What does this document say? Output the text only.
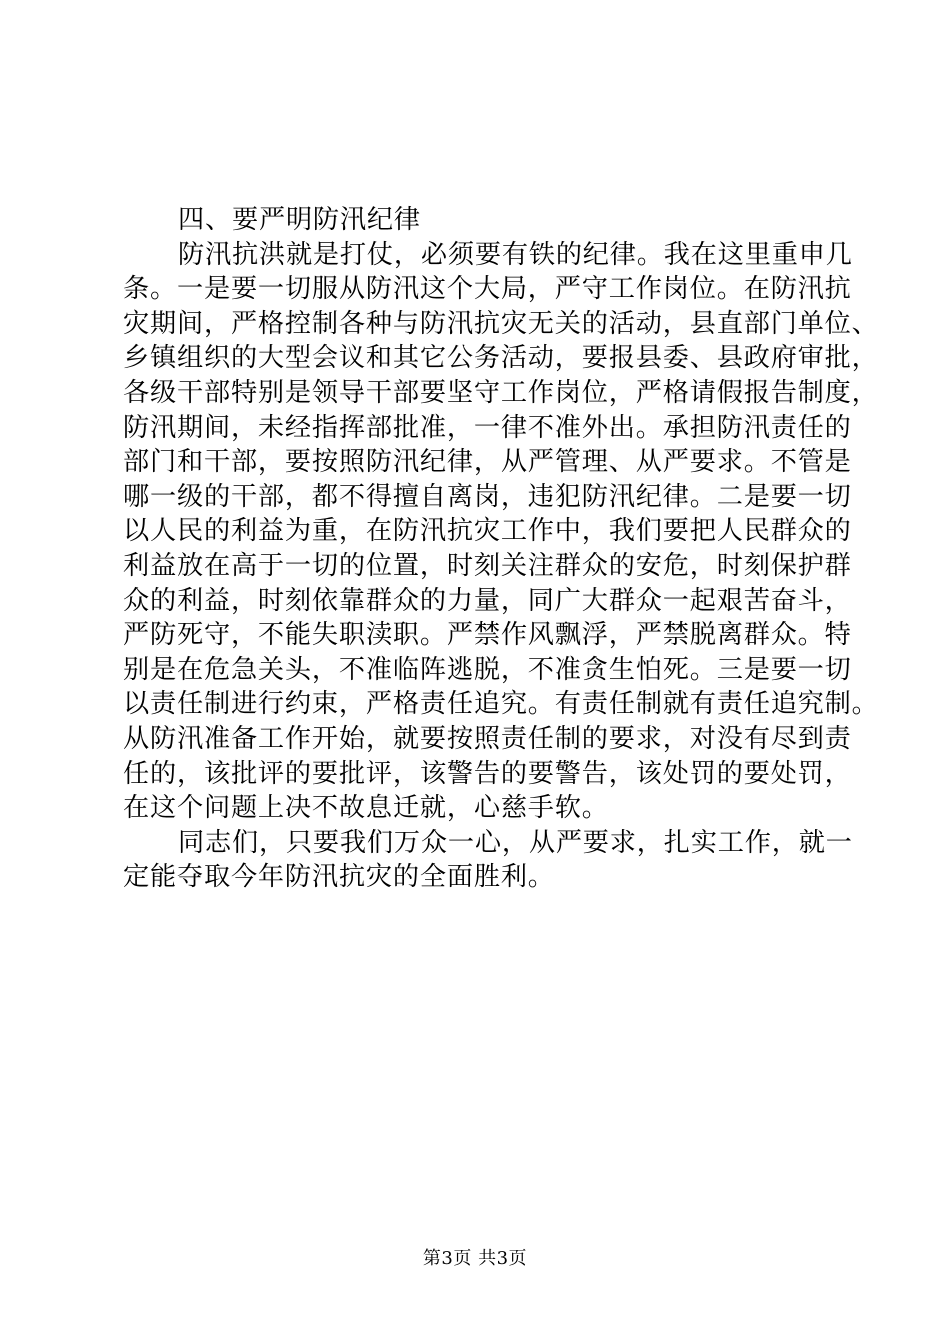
四、要严明防汛纪律
防汛抗洪就是打仗，必须要有铁的纪律。我在这里重申几
条。一是要一切服从防汛这个大局，严守工作岗位。在防汛抗
灾期间，严格控制各种与防汛抗灾无关的活动，县直部门单位、
乡镇组织的大型会议和其它公务活动，要报县委、县政府审批，
各级干部特别是领导干部要坚守工作岗位，严格请假报告制度，
防汛期间，未经指挥部批准，一律不准外出。承担防汛责任的
部门和干部，要按照防汛纪律，从严管理、从严要求。不管是
哪一级的干部，都不得擅自离岗，违犯防汛纪律。二是要一切
以人民的利益为重，在防汛抗灾工作中，我们要把人民群众的
利益放在高于一切的位置，时刻关注群众的安危，时刻保护群
众的利益，时刻依靠群众的力量，同广大群众一起艰苦奋斗，
严防死守，不能失职渎职。严禁作风飘浮，严禁脱离群众。特
别是在危急关头，不准临阵逃脱，不准贪生怕死。三是要一切
以责任制进行约束，严格责任追究。有责任制就有责任追究制。
从防汛准备工作开始，就要按照责任制的要求，对没有尽到责
任的，该批评的要批评，该警告的要警告，该处罚的要处罚，
在这个问题上决不故息迁就，心慈手软。
同志们，只要我们万众一心，从严要求，扎实工作，就一
定能夺取今年防汛抗灾的全面胜利。
第3页 共3页
